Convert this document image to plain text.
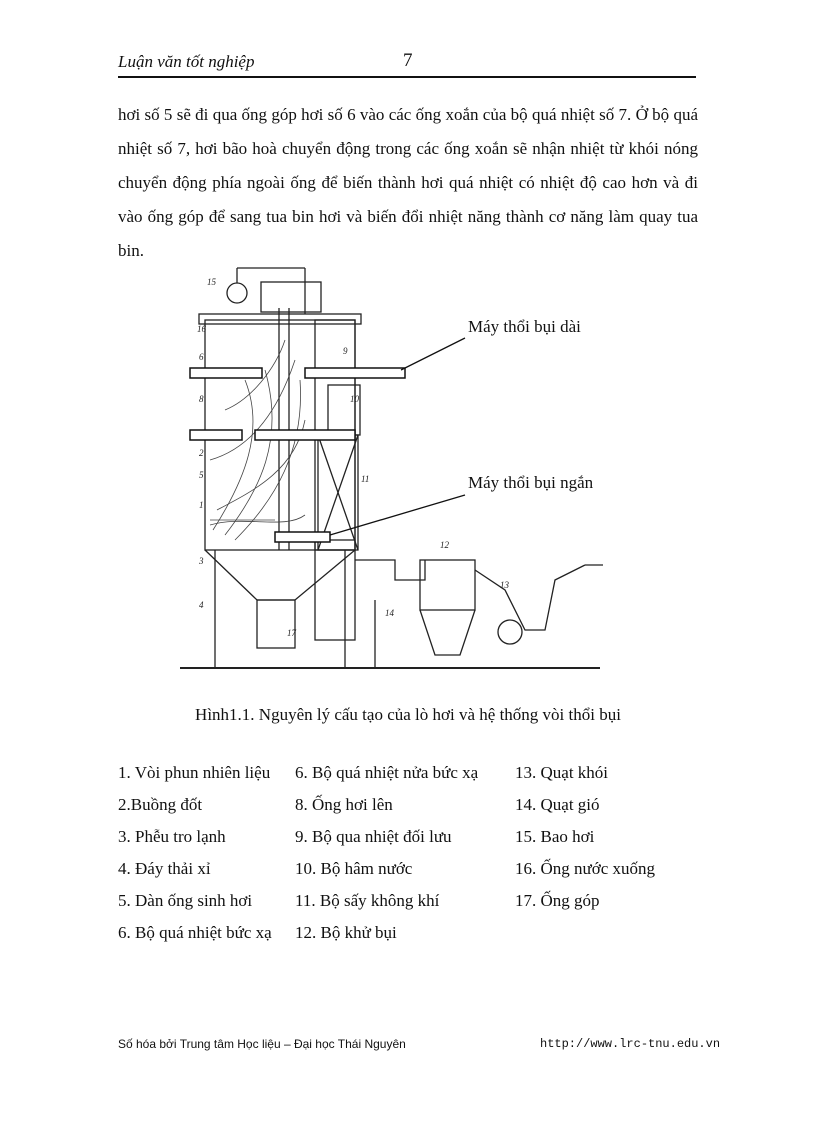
Luận văn tốt nghiệp	7
hơi số 5 sẽ đi qua ống góp hơi số 6 vào các ống xoắn của bộ quá nhiệt số 7. Ở bộ quá nhiệt số 7, hơi bão hoà chuyển động trong các ống xoắn sẽ nhận nhiệt từ khói nóng chuyển động phía ngoài ống để biến thành hơi quá nhiệt có nhiệt độ cao hơn và đi vào ống góp để sang tua bin hơi và biến đổi nhiệt năng thành cơ năng làm quay tua bin.
15
16
6
8
2
5
1
3
4
17
9
10
11
12
13
14
Máy thổi bụi dài
Máy thổi bụi ngắn
Hình1.1. Nguyên lý cấu tạo của lò hơi và hệ thống vòi thổi bụi
1. Vòi phun nhiên liệu 6. Bộ quá nhiệt nửa bức xạ 13. Quạt khói
2.Buồng đốt	8. Ống hơi lên	14. Quạt gió
3. Phễu tro lạnh	9. Bộ qua nhiệt đối lưu	15. Bao hơi
4. Đáy thải xỉ	10. Bộ hâm nước	16. Ống nước xuống
5. Dàn ống sinh hơi	11. Bộ sấy không khí	17. Ống góp
6. Bộ quá nhiệt bức xạ 12. Bộ khử bụi
Số hóa bởi Trung tâm Học liệu – Đại học Thái Nguyên	http://www.lrc-tnu.edu.vn
